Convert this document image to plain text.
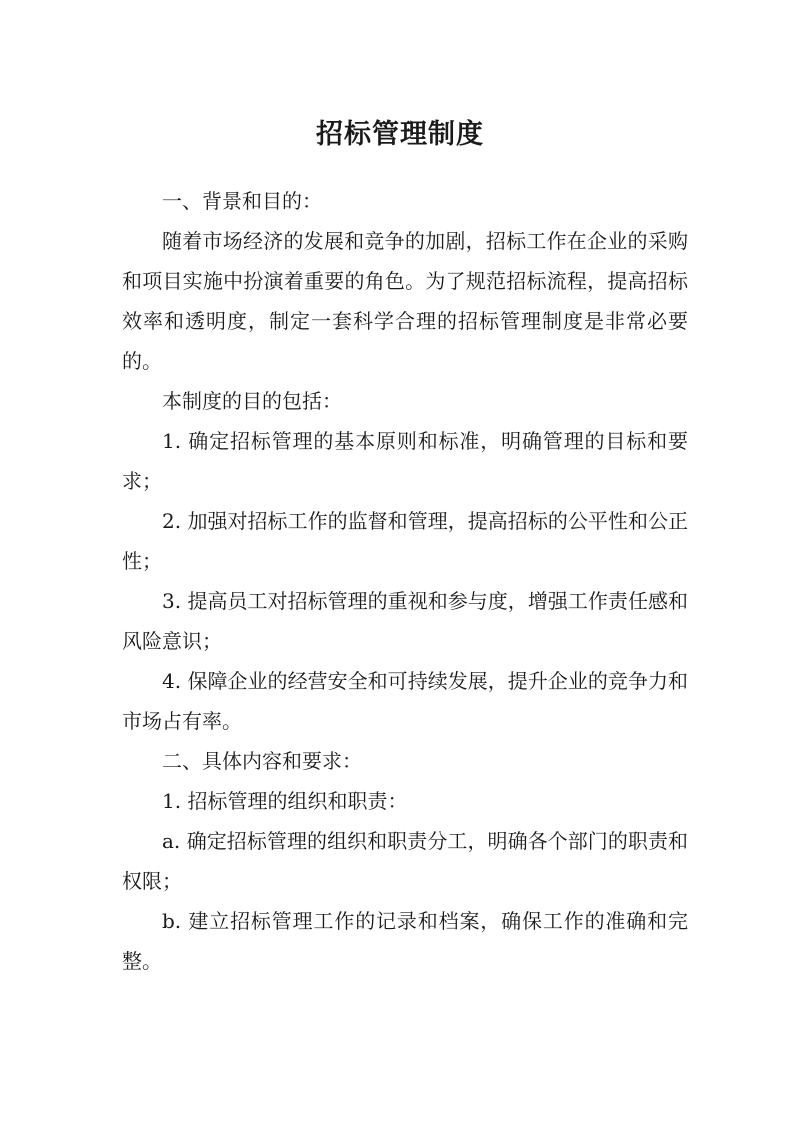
招标管理制度

一、背景和目的：

随着市场经济的发展和竞争的加剧，招标工作在企业的采购和项目实施中扮演着重要的角色。为了规范招标流程，提高招标效率和透明度，制定一套科学合理的招标管理制度是非常必要的。

本制度的目的包括：

1. 确定招标管理的基本原则和标准，明确管理的目标和要求；

2. 加强对招标工作的监督和管理，提高招标的公平性和公正性；

3. 提高员工对招标管理的重视和参与度，增强工作责任感和风险意识；

4. 保障企业的经营安全和可持续发展，提升企业的竞争力和市场占有率。

二、具体内容和要求：

1. 招标管理的组织和职责：

a. 确定招标管理的组织和职责分工，明确各个部门的职责和权限；

b. 建立招标管理工作的记录和档案，确保工作的准确和完整。
